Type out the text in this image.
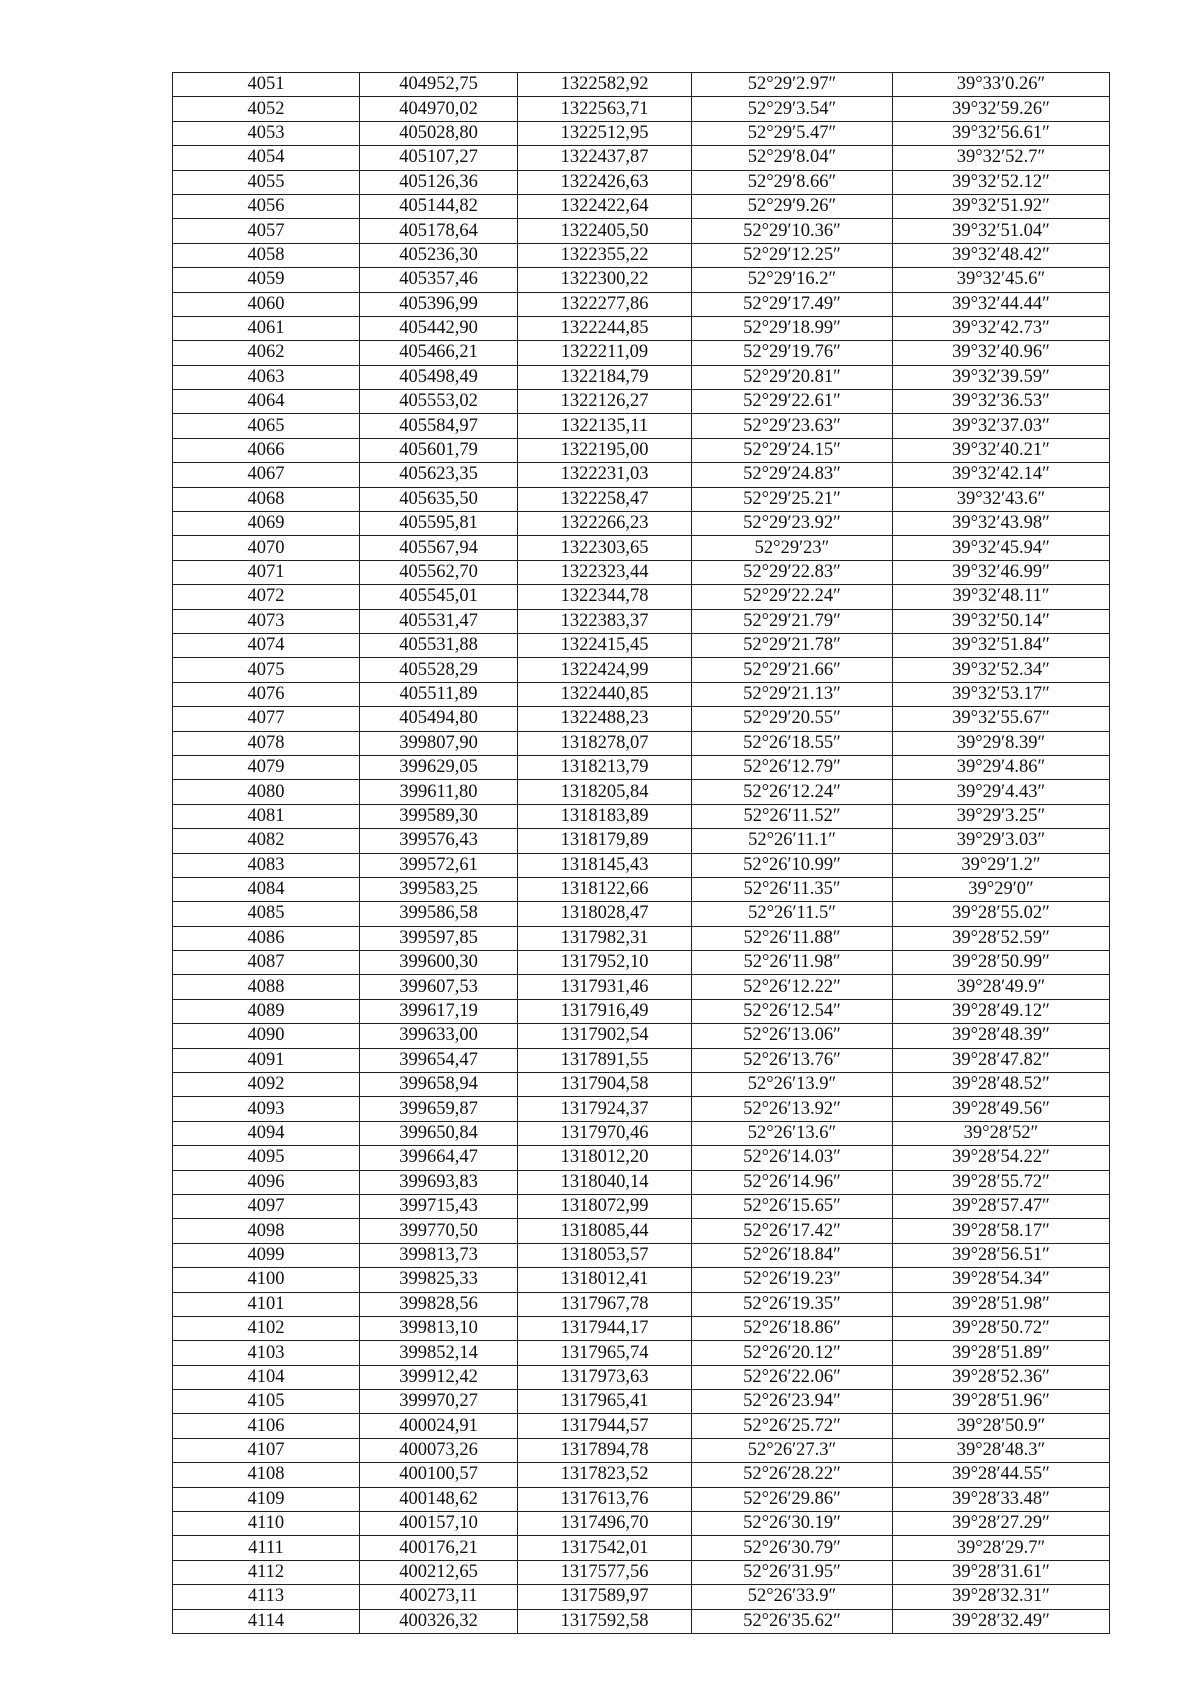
4051	404952,75	1322582,92	52°29′2.97″	39°33′0.26″
4052	404970,02	1322563,71	52°29′3.54″	39°32′59.26″
4053	405028,80	1322512,95	52°29′5.47″	39°32′56.61″
4054	405107,27	1322437,87	52°29′8.04″	39°32′52.7″
4055	405126,36	1322426,63	52°29′8.66″	39°32′52.12″
4056	405144,82	1322422,64	52°29′9.26″	39°32′51.92″
4057	405178,64	1322405,50	52°29′10.36″	39°32′51.04″
4058	405236,30	1322355,22	52°29′12.25″	39°32′48.42″
4059	405357,46	1322300,22	52°29′16.2″	39°32′45.6″
4060	405396,99	1322277,86	52°29′17.49″	39°32′44.44″
4061	405442,90	1322244,85	52°29′18.99″	39°32′42.73″
4062	405466,21	1322211,09	52°29′19.76″	39°32′40.96″
4063	405498,49	1322184,79	52°29′20.81″	39°32′39.59″
4064	405553,02	1322126,27	52°29′22.61″	39°32′36.53″
4065	405584,97	1322135,11	52°29′23.63″	39°32′37.03″
4066	405601,79	1322195,00	52°29′24.15″	39°32′40.21″
4067	405623,35	1322231,03	52°29′24.83″	39°32′42.14″
4068	405635,50	1322258,47	52°29′25.21″	39°32′43.6″
4069	405595,81	1322266,23	52°29′23.92″	39°32′43.98″
4070	405567,94	1322303,65	52°29′23″	39°32′45.94″
4071	405562,70	1322323,44	52°29′22.83″	39°32′46.99″
4072	405545,01	1322344,78	52°29′22.24″	39°32′48.11″
4073	405531,47	1322383,37	52°29′21.79″	39°32′50.14″
4074	405531,88	1322415,45	52°29′21.78″	39°32′51.84″
4075	405528,29	1322424,99	52°29′21.66″	39°32′52.34″
4076	405511,89	1322440,85	52°29′21.13″	39°32′53.17″
4077	405494,80	1322488,23	52°29′20.55″	39°32′55.67″
4078	399807,90	1318278,07	52°26′18.55″	39°29′8.39″
4079	399629,05	1318213,79	52°26′12.79″	39°29′4.86″
4080	399611,80	1318205,84	52°26′12.24″	39°29′4.43″
4081	399589,30	1318183,89	52°26′11.52″	39°29′3.25″
4082	399576,43	1318179,89	52°26′11.1″	39°29′3.03″
4083	399572,61	1318145,43	52°26′10.99″	39°29′1.2″
4084	399583,25	1318122,66	52°26′11.35″	39°29′0″
4085	399586,58	1318028,47	52°26′11.5″	39°28′55.02″
4086	399597,85	1317982,31	52°26′11.88″	39°28′52.59″
4087	399600,30	1317952,10	52°26′11.98″	39°28′50.99″
4088	399607,53	1317931,46	52°26′12.22″	39°28′49.9″
4089	399617,19	1317916,49	52°26′12.54″	39°28′49.12″
4090	399633,00	1317902,54	52°26′13.06″	39°28′48.39″
4091	399654,47	1317891,55	52°26′13.76″	39°28′47.82″
4092	399658,94	1317904,58	52°26′13.9″	39°28′48.52″
4093	399659,87	1317924,37	52°26′13.92″	39°28′49.56″
4094	399650,84	1317970,46	52°26′13.6″	39°28′52″
4095	399664,47	1318012,20	52°26′14.03″	39°28′54.22″
4096	399693,83	1318040,14	52°26′14.96″	39°28′55.72″
4097	399715,43	1318072,99	52°26′15.65″	39°28′57.47″
4098	399770,50	1318085,44	52°26′17.42″	39°28′58.17″
4099	399813,73	1318053,57	52°26′18.84″	39°28′56.51″
4100	399825,33	1318012,41	52°26′19.23″	39°28′54.34″
4101	399828,56	1317967,78	52°26′19.35″	39°28′51.98″
4102	399813,10	1317944,17	52°26′18.86″	39°28′50.72″
4103	399852,14	1317965,74	52°26′20.12″	39°28′51.89″
4104	399912,42	1317973,63	52°26′22.06″	39°28′52.36″
4105	399970,27	1317965,41	52°26′23.94″	39°28′51.96″
4106	400024,91	1317944,57	52°26′25.72″	39°28′50.9″
4107	400073,26	1317894,78	52°26′27.3″	39°28′48.3″
4108	400100,57	1317823,52	52°26′28.22″	39°28′44.55″
4109	400148,62	1317613,76	52°26′29.86″	39°28′33.48″
4110	400157,10	1317496,70	52°26′30.19″	39°28′27.29″
4111	400176,21	1317542,01	52°26′30.79″	39°28′29.7″
4112	400212,65	1317577,56	52°26′31.95″	39°28′31.61″
4113	400273,11	1317589,97	52°26′33.9″	39°28′32.31″
4114	400326,32	1317592,58	52°26′35.62″	39°28′32.49″
